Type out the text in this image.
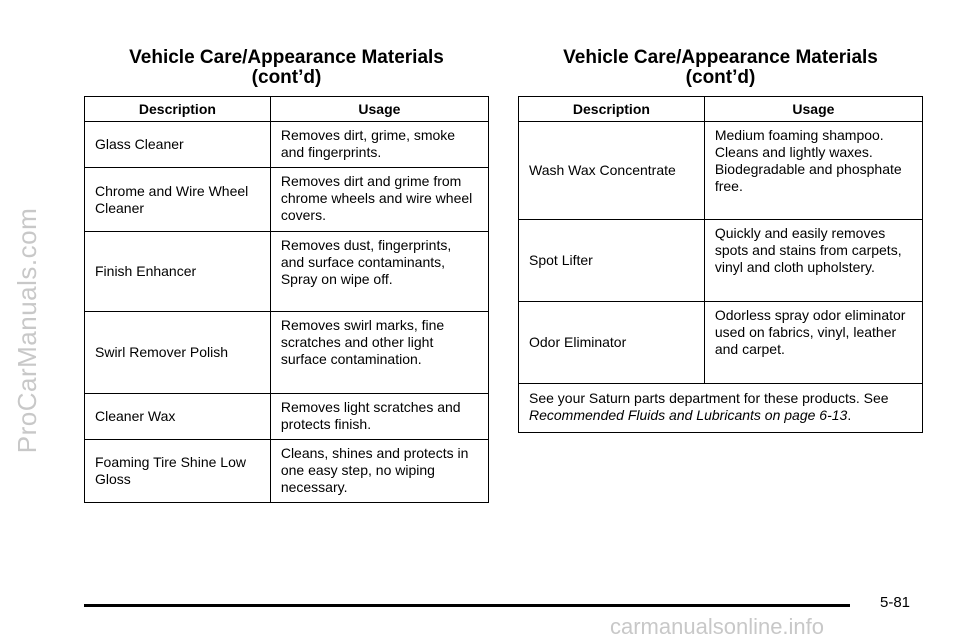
ProCarManuals.com
Vehicle Care/Appearance Materials
(cont’d)
Description	Usage
Glass Cleaner	Removes dirt, grime, smoke and fingerprints.
Chrome and Wire Wheel Cleaner	Removes dirt and grime from chrome wheels and wire wheel covers.
Finish Enhancer	Removes dust, fingerprints, and surface contaminants, Spray on wipe off.
Swirl Remover Polish	Removes swirl marks, fine scratches and other light surface contamination.
Cleaner Wax	Removes light scratches and protects finish.
Foaming Tire Shine Low Gloss	Cleans, shines and protects in one easy step, no wiping necessary.
Vehicle Care/Appearance Materials
(cont’d)
Description	Usage
Wash Wax Concentrate	Medium foaming shampoo. Cleans and lightly waxes. Biodegradable and phosphate free.
Spot Lifter	Quickly and easily removes spots and stains from carpets, vinyl and cloth upholstery.
Odor Eliminator	Odorless spray odor eliminator used on fabrics, vinyl, leather and carpet.
See your Saturn parts department for these products. See Recommended Fluids and Lubricants on page 6-13.	
5-81
carmanualsonline.info
